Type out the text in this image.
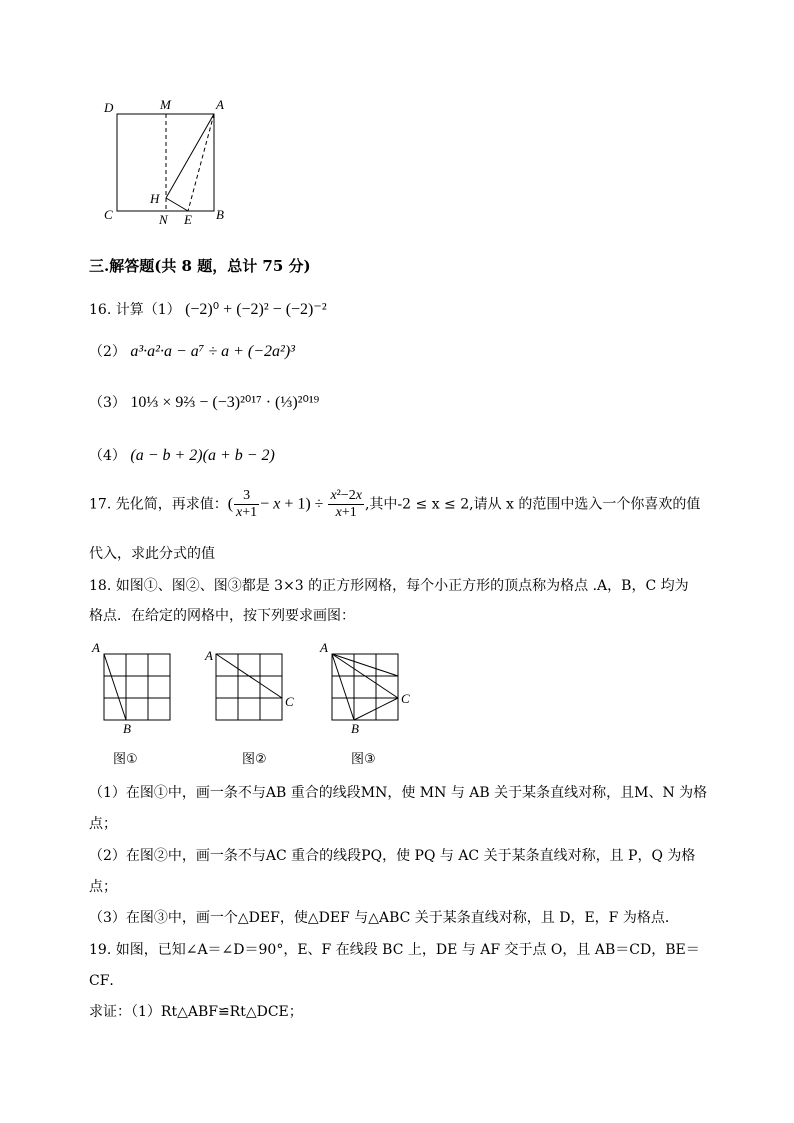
D	M	A
H
C	N E B
三.解答题(共 8 题，总计 75 分)
16. 计算（1） (−2)⁰ + (−2)² − (−2)⁻²
（2） a³·a²·a − a⁷ ÷ a + (−2a²)³
（3） 10⅓ × 9⅔ − (−3)²⁰¹⁷ · (⅓)²⁰¹⁹
（4） (a − b + 2)(a + b − 2)
17. 先化简，再求值：( $\frac{3}{x+1} - x + 1) \div \frac{\text{x²−2x}}{x+1}$ ,其中-2 ≤ x ≤ 2,请从 x 的范围中选入一个你喜欢的值
代入，求此分式的值
18. 如图①、图②、图③都是 3×3 的正方形网格，每个小正方形的顶点称为格点 .A，B，C 均为
格点．在给定的网格中，按下列要求画图：
A
B
A
C
A
B
C
图①	图②	图③
（1）在图①中，画一条不与AB 重合的线段MN，使 MN 与 AB 关于某条直线对称，且M、N 为格
点；
（2）在图②中，画一条不与AC 重合的线段PQ，使 PQ 与 AC 关于某条直线对称，且 P，Q 为格
点；
（3）在图③中，画一个△DEF，使△DEF 与△ABC 关于某条直线对称，且 D，E，F 为格点．
19. 如图，已知∠A＝∠D＝90°，E、F 在线段 BC 上，DE 与 AF 交于点 O，且 AB＝CD，BE＝
CF．
求证：（1）Rt△ABF≌Rt△DCE；
